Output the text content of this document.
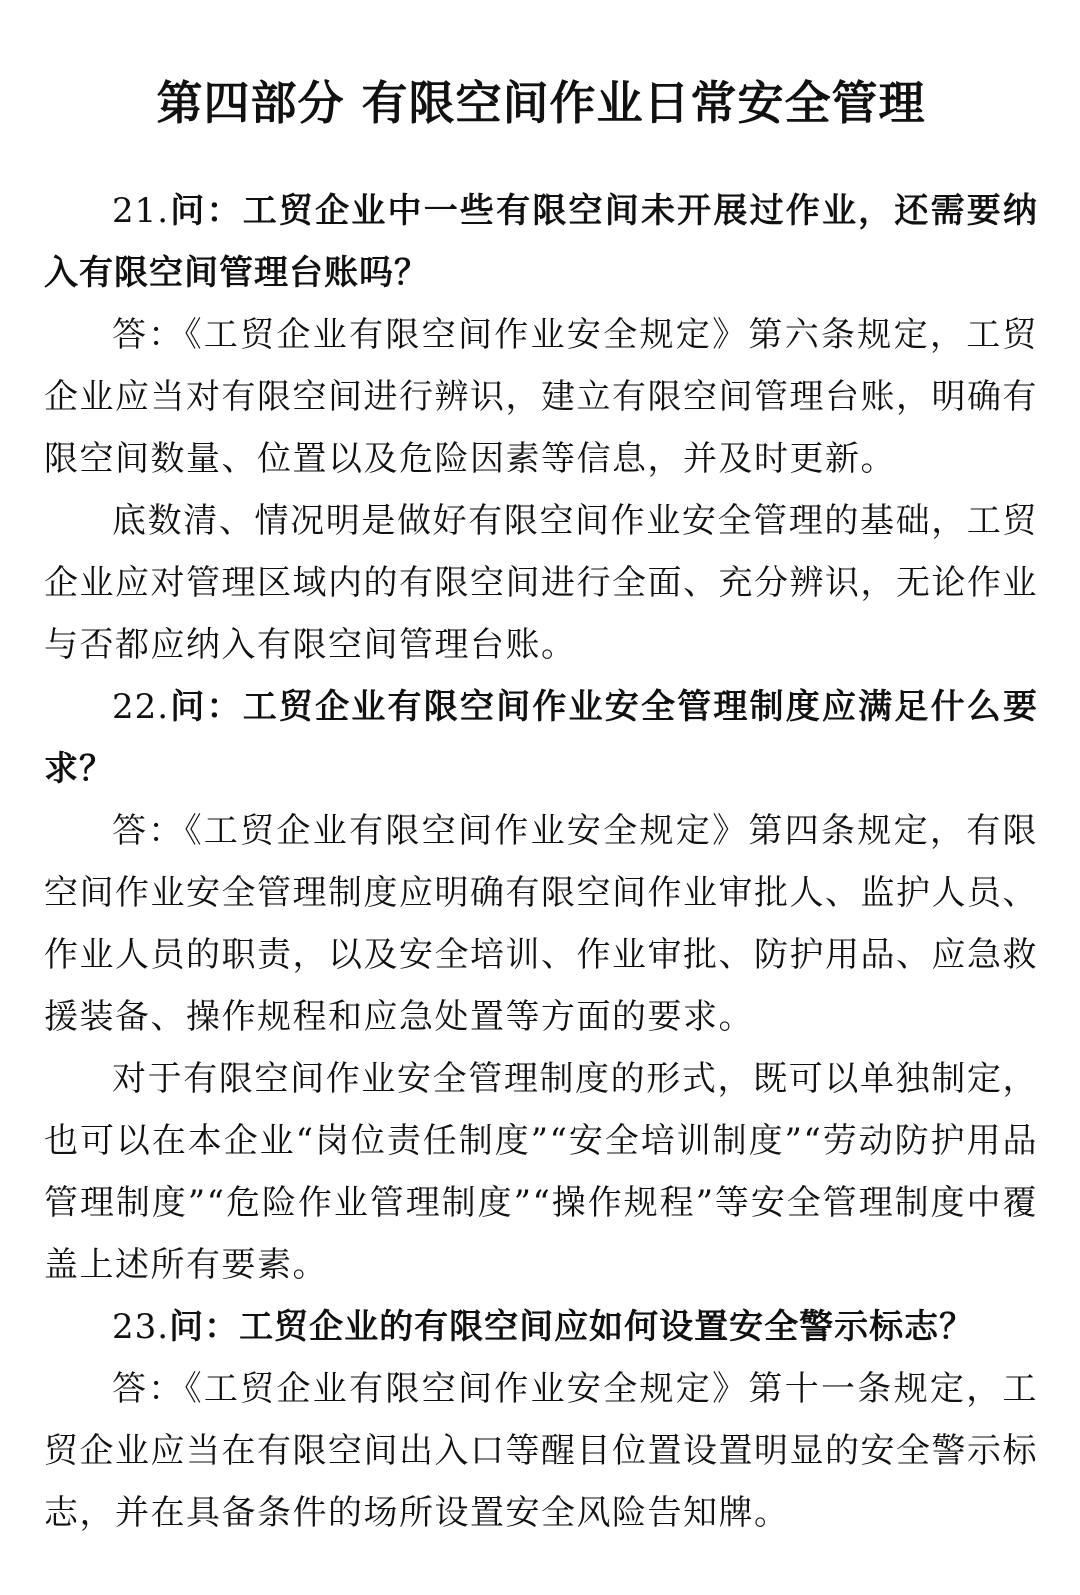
第四部分 有限空间作业日常安全管理

21.问：工贸企业中一些有限空间未开展过作业，还需要纳入有限空间管理台账吗？

答：《工贸企业有限空间作业安全规定》第六条规定，工贸企业应当对有限空间进行辨识，建立有限空间管理台账，明确有限空间数量、位置以及危险因素等信息，并及时更新。

底数清、情况明是做好有限空间作业安全管理的基础，工贸企业应对管理区域内的有限空间进行全面、充分辨识，无论作业与否都应纳入有限空间管理台账。

22.问：工贸企业有限空间作业安全管理制度应满足什么要求？

答：《工贸企业有限空间作业安全规定》第四条规定，有限空间作业安全管理制度应明确有限空间作业审批人、监护人员、作业人员的职责，以及安全培训、作业审批、防护用品、应急救援装备、操作规程和应急处置等方面的要求。

对于有限空间作业安全管理制度的形式，既可以单独制定，也可以在本企业“岗位责任制度”“安全培训制度”“劳动防护用品管理制度”“危险作业管理制度”“操作规程”等安全管理制度中覆盖上述所有要素。

23.问：工贸企业的有限空间应如何设置安全警示标志？

答：《工贸企业有限空间作业安全规定》第十一条规定，工贸企业应当在有限空间出入口等醒目位置设置明显的安全警示标志，并在具备条件的场所设置安全风险告知牌。
